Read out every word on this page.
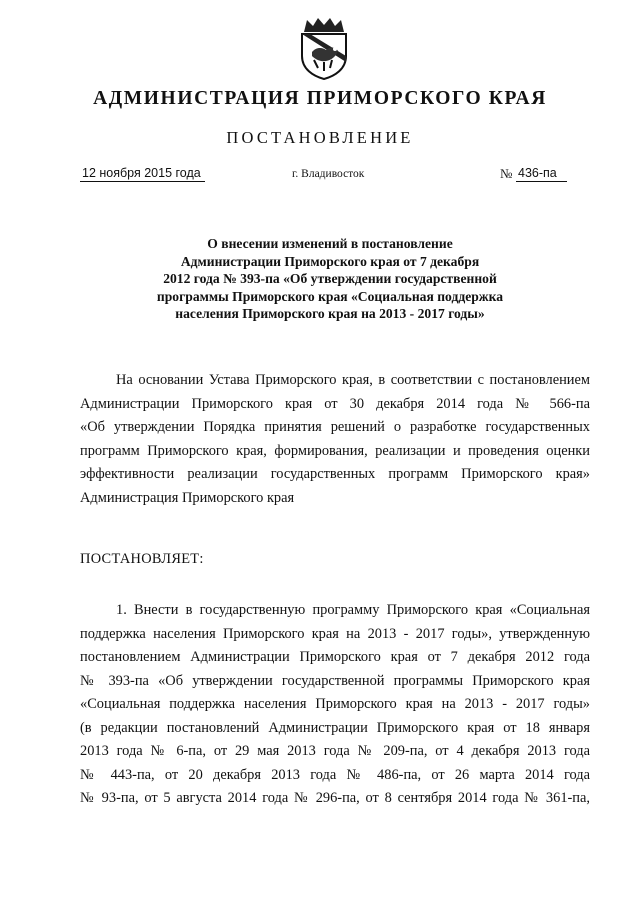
АДМИНИСТРАЦИЯ ПРИМОРСКОГО КРАЯ
ПОСТАНОВЛЕНИЕ
12 ноября 2015 года	г. Владивосток	№ 436-па
О внесении изменений в постановление
Администрации Приморского края от 7 декабря
2012 года № 393-па «Об утверждении государственной
программы Приморского края «Социальная поддержка
населения Приморского края на 2013 - 2017 годы»
На основании Устава Приморского края, в соответствии с постановлением
Администрации Приморского края от 30 декабря 2014 года № 566-па
«Об утверждении Порядка принятия решений о разработке государственных
программ Приморского края, формирования, реализации и проведения оценки
эффективности реализации государственных программ Приморского края»
Администрация Приморского края
ПОСТАНОВЛЯЕТ:
1. Внести в государственную программу Приморского края «Социальная
поддержка населения Приморского края на 2013 - 2017 годы», утвержденную
постановлением Администрации Приморского края от 7 декабря 2012 года
№ 393-па «Об утверждении государственной программы Приморского края
«Социальная поддержка населения Приморского края на 2013 - 2017 годы»
(в редакции постановлений Администрации Приморского края от 18 января
2013 года № 6-па, от 29 мая 2013 года № 209-па, от 4 декабря 2013 года
№ 443-па, от 20 декабря 2013 года № 486-па, от 26 марта 2014 года
№ 93-па, от 5 августа 2014 года № 296-па, от 8 сентября 2014 года № 361-па,
